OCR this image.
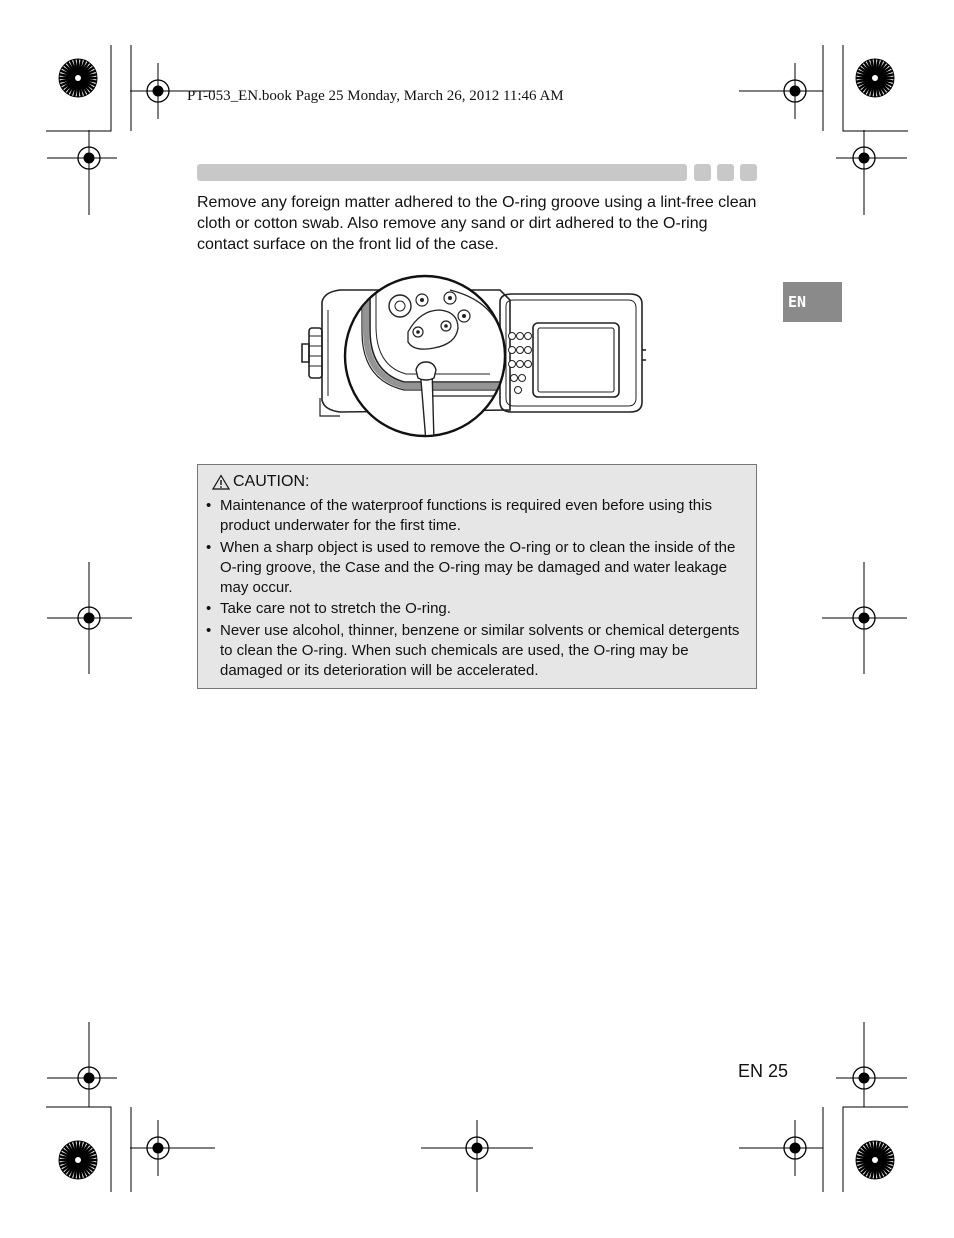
PT-053_EN.book Page 25 Monday, March 26, 2012 11:46 AM
Remove any foreign matter adhered to the O-ring groove using a lint-free clean cloth or cotton swab. Also remove any sand or dirt adhered to the O-ring contact surface on the front lid of the case.
EN
CAUTION:
• Maintenance of the waterproof functions is required even before using this product underwater for the first time.
• When a sharp object is used to remove the O-ring or to clean the inside of the O-ring groove, the Case and the O-ring may be damaged and water leakage may occur.
• Take care not to stretch the O-ring.
• Never use alcohol, thinner, benzene or similar solvents or chemical detergents to clean the O-ring. When such chemicals are used, the O-ring may be damaged or its deterioration will be accelerated.
EN 25
